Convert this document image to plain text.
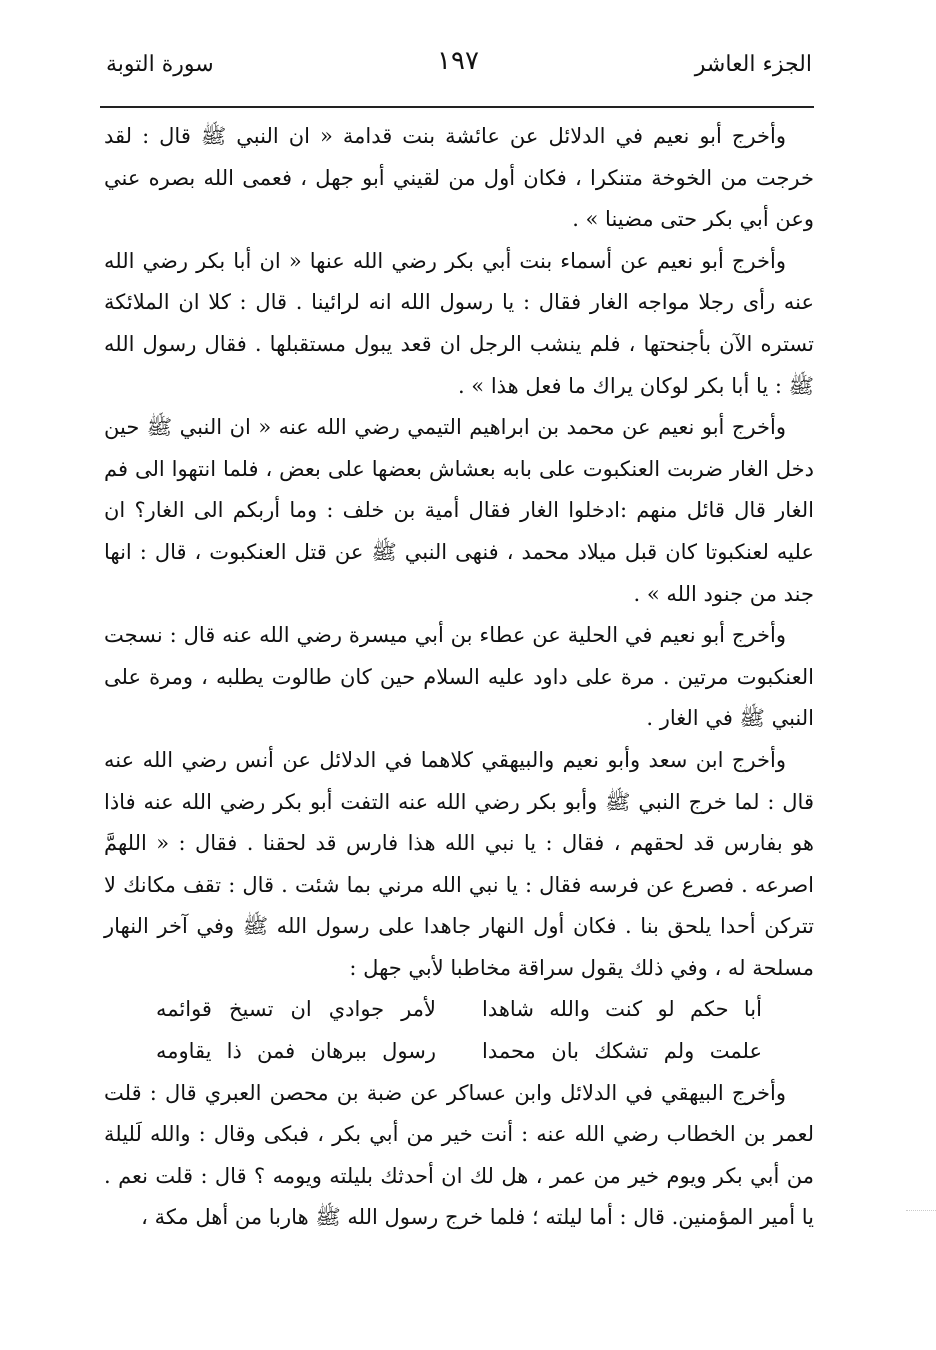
الجزء العاشر
١٩٧
سورة التوبة

وأخرج أبو نعيم في الدلائل عن عائشة بنت قدامة « ان النبي ﷺ قال : لقد خرجت من الخوخة متنكرا ، فكان أول من لقيني أبو جهل ، فعمى الله بصره عني وعن أبي بكر حتى مضينا » .

وأخرج أبو نعيم عن أسماء بنت أبي بكر رضي الله عنها « ان أبا بكر رضي الله عنه رأى رجلا مواجه الغار فقال : يا رسول الله انه لرائينا . قال : كلا ان الملائكة تستره الآن بأجنحتها ، فلم ينشب الرجل ان قعد يبول مستقبلها . فقال رسول الله ﷺ : يا أبا بكر لوكان يراك ما فعل هذا » .

وأخرج أبو نعيم عن محمد بن ابراهيم التيمي رضي الله عنه « ان النبي ﷺ حين دخل الغار ضربت العنكبوت على بابه بعشاش بعضها على بعض ، فلما انتهوا الى فم الغار قال قائل منهم :ادخلوا الغار فقال أمية بن خلف : وما أربكم الى الغار؟ ان عليه لعنكبوتا كان قبل ميلاد محمد ، فنهى النبي ﷺ عن قتل العنكبوت ، قال : انها جند من جنود الله » .

وأخرج أبو نعيم في الحلية عن عطاء بن أبي ميسرة رضي الله عنه قال : نسجت العنكبوت مرتين . مرة على داود عليه السلام حين كان طالوت يطلبه ، ومرة على النبي ﷺ في الغار .

وأخرج ابن سعد وأبو نعيم والبيهقي كلاهما في الدلائل عن أنس رضي الله عنه قال : لما خرج النبي ﷺ وأبو بكر رضي الله عنه التفت أبو بكر رضي الله عنه فاذا هو بفارس قد لحقهم ، فقال : يا نبي الله هذا فارس قد لحقنا . فقال : « اللهمَّ اصرعه . فصرع عن فرسه فقال : يا نبي الله مرني بما شئت . قال : تقف مكانك لا تتركن أحدا يلحق بنا . فكان أول النهار جاهدا على رسول الله ﷺ وفي آخر النهار مسلحة له ، وفي ذلك يقول سراقة مخاطبا لأبي جهل :

أبا حكم لو كنت والله شاهدا
لأمر جوادي ان تسيخ قوائمه
علمت ولم تشكك بان محمدا
رسول ببرهان فمن ذا يقاومه

وأخرج البيهقي في الدلائل وابن عساكر عن ضبة بن محصن العبري قال : قلت لعمر بن الخطاب رضي الله عنه : أنت خير من أبي بكر ، فبكى وقال : والله لَليلة من أبي بكر ويوم خير من عمر ، هل لك ان أحدثك بليلته ويومه ؟ قال : قلت نعم . يا أمير المؤمنين. قال : أما ليلته ؛ فلما خرج رسول الله ﷺ هاربا من أهل مكة ،
